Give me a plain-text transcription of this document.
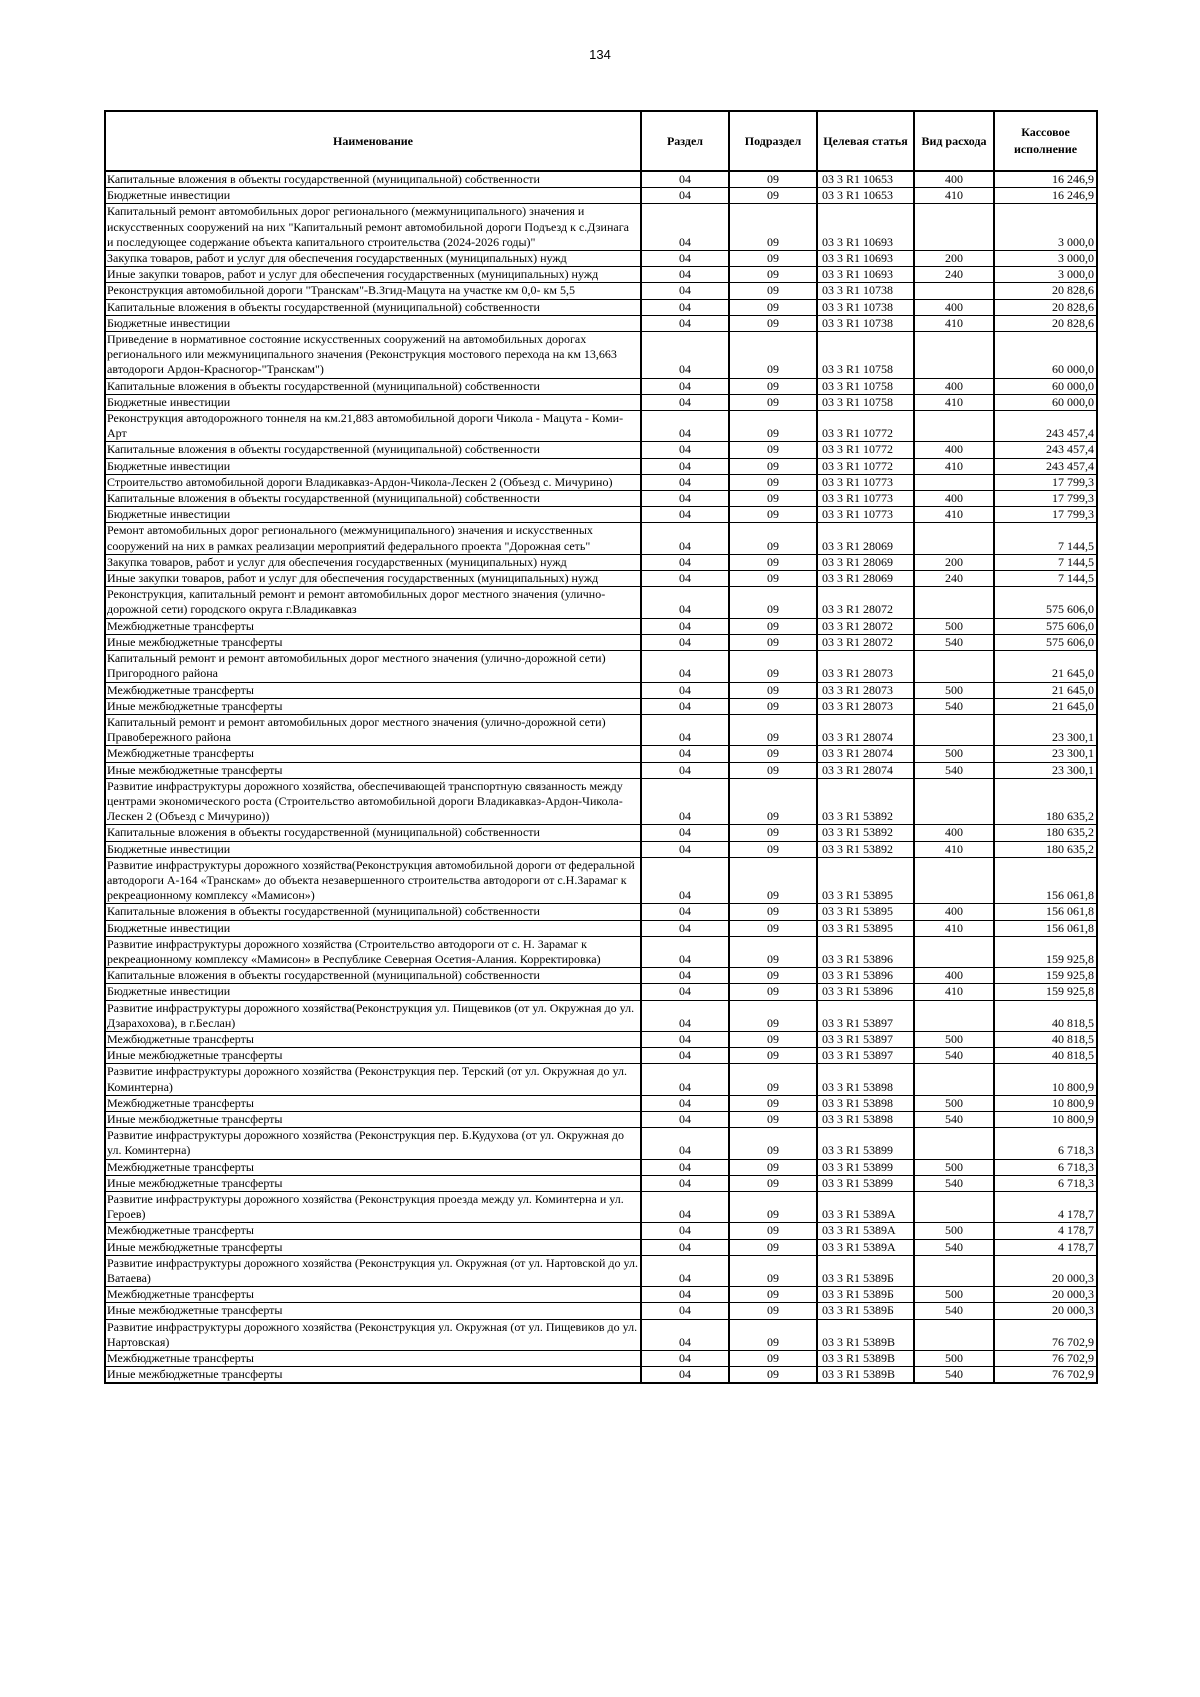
134
Наименование	Раздел	Подраздел	Целевая статья	Вид расхода	Кассовое исполнение
Капитальные вложения в объекты государственной (муниципальной) собственности	04	09	03 3 R1 10653	400	16 246,9
Бюджетные инвестиции	04	09	03 3 R1 10653	410	16 246,9
Капитальный ремонт автомобильных дорог регионального (межмуниципального) значения и искусственных сооружений на них "Капитальный ремонт автомобильной дороги Подъезд к с.Дзинага и последующее содержание объекта капитального строительства (2024-2026 годы)"	04	09	03 3 R1 10693		3 000,0
Закупка товаров, работ и услуг для обеспечения государственных (муниципальных) нужд	04	09	03 3 R1 10693	200	3 000,0
Иные закупки товаров, работ и услуг для обеспечения государственных (муниципальных) нужд	04	09	03 3 R1 10693	240	3 000,0
Реконструкция автомобильной дороги "Транскам"-В.Згид-Мацута на участке км 0,0- км 5,5	04	09	03 3 R1 10738		20 828,6
Капитальные вложения в объекты государственной (муниципальной) собственности	04	09	03 3 R1 10738	400	20 828,6
Бюджетные инвестиции	04	09	03 3 R1 10738	410	20 828,6
Приведение в нормативное состояние искусственных сооружений на автомобильных дорогах регионального или межмуниципального значения (Реконструкция мостового перехода на км 13,663 автодороги Ардон-Красногор-"Транскам")	04	09	03 3 R1 10758		60 000,0
Капитальные вложения в объекты государственной (муниципальной) собственности	04	09	03 3 R1 10758	400	60 000,0
Бюджетные инвестиции	04	09	03 3 R1 10758	410	60 000,0
Реконструкция автодорожного тоннеля на км.21,883 автомобильной дороги Чикола - Мацута - Коми-Арт	04	09	03 3 R1 10772		243 457,4
Капитальные вложения в объекты государственной (муниципальной) собственности	04	09	03 3 R1 10772	400	243 457,4
Бюджетные инвестиции	04	09	03 3 R1 10772	410	243 457,4
Строительство автомобильной дороги Владикавказ-Ардон-Чикола-Лескен 2 (Объезд с. Мичурино)	04	09	03 3 R1 10773		17 799,3
Капитальные вложения в объекты государственной (муниципальной) собственности	04	09	03 3 R1 10773	400	17 799,3
Бюджетные инвестиции	04	09	03 3 R1 10773	410	17 799,3
Ремонт автомобильных дорог регионального (межмуниципального) значения и искусственных сооружений на них в рамках реализации мероприятий федерального проекта "Дорожная сеть"	04	09	03 3 R1 28069		7 144,5
Закупка товаров, работ и услуг для обеспечения государственных (муниципальных) нужд	04	09	03 3 R1 28069	200	7 144,5
Иные закупки товаров, работ и услуг для обеспечения государственных (муниципальных) нужд	04	09	03 3 R1 28069	240	7 144,5
Реконструкция, капитальный ремонт и ремонт автомобильных дорог местного значения (улично-дорожной сети) городского округа г.Владикавказ	04	09	03 3 R1 28072		575 606,0
Межбюджетные трансферты	04	09	03 3 R1 28072	500	575 606,0
Иные межбюджетные трансферты	04	09	03 3 R1 28072	540	575 606,0
Капитальный ремонт и ремонт автомобильных дорог местного значения (улично-дорожной сети) Пригородного района	04	09	03 3 R1 28073		21 645,0
Межбюджетные трансферты	04	09	03 3 R1 28073	500	21 645,0
Иные межбюджетные трансферты	04	09	03 3 R1 28073	540	21 645,0
Капитальный ремонт и ремонт автомобильных дорог местного значения (улично-дорожной сети) Правобережного района	04	09	03 3 R1 28074		23 300,1
Межбюджетные трансферты	04	09	03 3 R1 28074	500	23 300,1
Иные межбюджетные трансферты	04	09	03 3 R1 28074	540	23 300,1
Развитие инфраструктуры дорожного хозяйства, обеспечивающей транспортную связанность между центрами экономического роста (Строительство автомобильной дороги Владикавказ-Ардон-Чикола-Лескен 2 (Объезд с Мичурино))	04	09	03 3 R1 53892		180 635,2
Капитальные вложения в объекты государственной (муниципальной) собственности	04	09	03 3 R1 53892	400	180 635,2
Бюджетные инвестиции	04	09	03 3 R1 53892	410	180 635,2
Развитие инфраструктуры дорожного хозяйства(Реконструкция автомобильной дороги от федеральной автодороги А-164 «Транскам» до объекта незавершенного строительства автодороги от с.Н.Зарамаг к рекреационному комплексу «Мамисон»)	04	09	03 3 R1 53895		156 061,8
Капитальные вложения в объекты государственной (муниципальной) собственности	04	09	03 3 R1 53895	400	156 061,8
Бюджетные инвестиции	04	09	03 3 R1 53895	410	156 061,8
Развитие инфраструктуры дорожного хозяйства (Строительство автодороги от с. Н. Зарамаг к рекреационному комплексу «Мамисон» в Республике Северная Осетия-Алания. Корректировка)	04	09	03 3 R1 53896		159 925,8
Капитальные вложения в объекты государственной (муниципальной) собственности	04	09	03 3 R1 53896	400	159 925,8
Бюджетные инвестиции	04	09	03 3 R1 53896	410	159 925,8
Развитие инфраструктуры дорожного хозяйства(Реконструкция ул. Пищевиков (от ул. Окружная до ул. Дзарахохова), в г.Беслан)	04	09	03 3 R1 53897		40 818,5
Межбюджетные трансферты	04	09	03 3 R1 53897	500	40 818,5
Иные межбюджетные трансферты	04	09	03 3 R1 53897	540	40 818,5
Развитие инфраструктуры дорожного хозяйства (Реконструкция пер. Терский (от ул. Окружная до ул. Коминтерна)	04	09	03 3 R1 53898		10 800,9
Межбюджетные трансферты	04	09	03 3 R1 53898	500	10 800,9
Иные межбюджетные трансферты	04	09	03 3 R1 53898	540	10 800,9
Развитие инфраструктуры дорожного хозяйства (Реконструкция пер. Б.Кудухова (от ул. Окружная до ул. Коминтерна)	04	09	03 3 R1 53899		6 718,3
Межбюджетные трансферты	04	09	03 3 R1 53899	500	6 718,3
Иные межбюджетные трансферты	04	09	03 3 R1 53899	540	6 718,3
Развитие инфраструктуры дорожного хозяйства (Реконструкция проезда между ул. Коминтерна и ул. Героев)	04	09	03 3 R1 5389А		4 178,7
Межбюджетные трансферты	04	09	03 3 R1 5389А	500	4 178,7
Иные межбюджетные трансферты	04	09	03 3 R1 5389А	540	4 178,7
Развитие инфраструктуры дорожного хозяйства (Реконструкция ул. Окружная (от ул. Нартовской до ул. Ватаева)	04	09	03 3 R1 5389Б		20 000,3
Межбюджетные трансферты	04	09	03 3 R1 5389Б	500	20 000,3
Иные межбюджетные трансферты	04	09	03 3 R1 5389Б	540	20 000,3
Развитие инфраструктуры дорожного хозяйства (Реконструкция ул. Окружная (от ул. Пищевиков до ул. Нартовская)	04	09	03 3 R1 5389В		76 702,9
Межбюджетные трансферты	04	09	03 3 R1 5389В	500	76 702,9
Иные межбюджетные трансферты	04	09	03 3 R1 5389В	540	76 702,9
